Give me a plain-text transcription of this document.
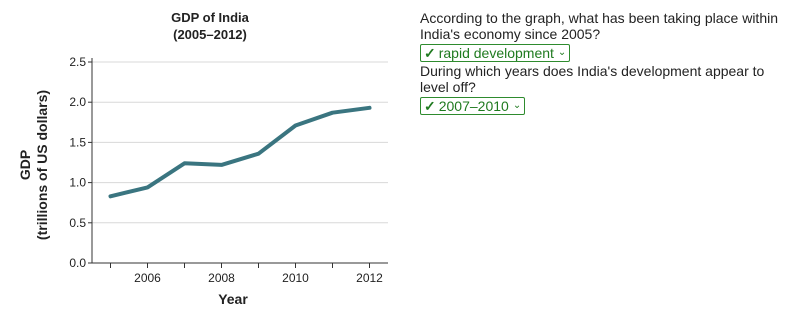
GDP of India
(2005–2012)
0.0
0.5
1.0
1.5
2.0
2.5
2006	2008	2010	2012
Year
GDP (trillions of US dollars)

According to the graph, what has been taking place within India's economy since 2005?

✓ rapid development ⌄

During which years does India's development appear to level off?

✓ 2007–2010 ⌄
